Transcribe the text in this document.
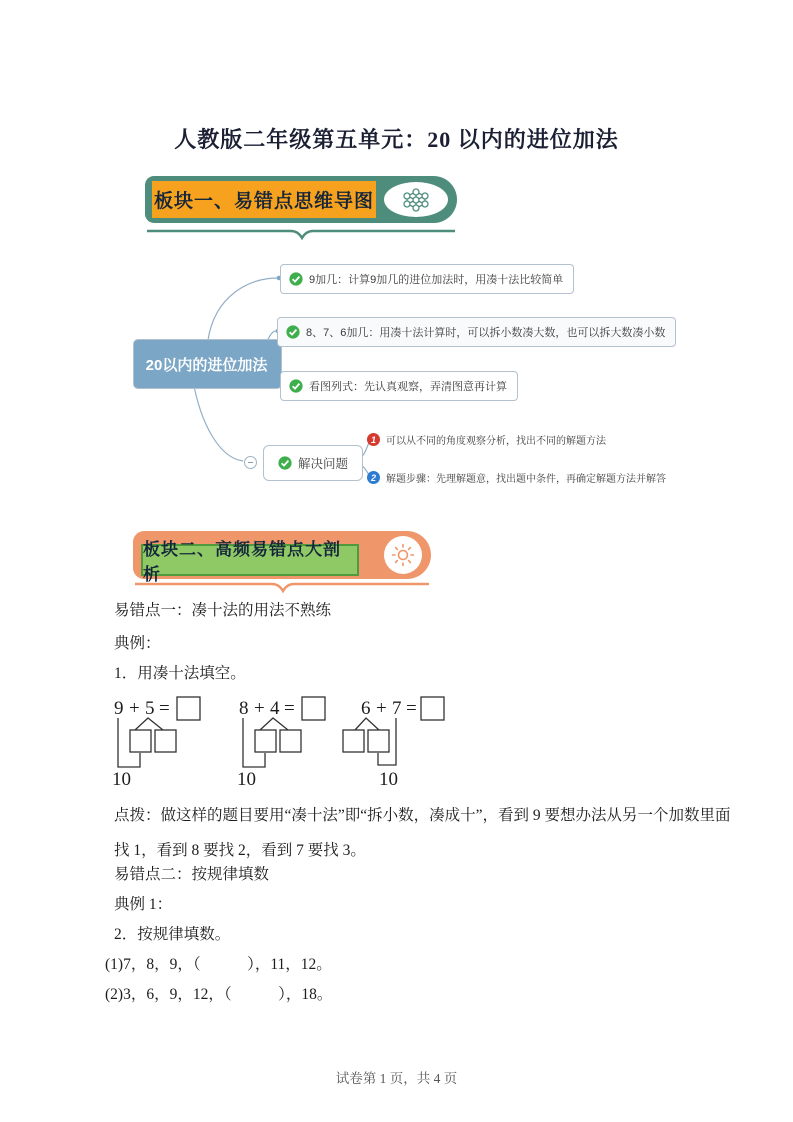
人教版二年级第五单元：20 以内的进位加法
板块一、易错点思维导图
20以内的进位加法
9加几：计算9加几的进位加法时，用凑十法比较简单
8、7、6加几：用凑十法计算时，可以拆小数凑大数，也可以拆大数凑小数
看图列式：先认真观察，弄清图意再计算
解决问题
1	可以从不同的角度观察分析，找出不同的解题方法
2	解题步骤：先理解题意，找出题中条件，再确定解题方法并解答
板块二、高频易错点大剖析
易错点一：凑十法的用法不熟练
典例：
1．用凑十法填空。
9 + 5 =
10
8 + 4 =
10
6 + 7 =
10
点拨：做这样的题目要用“凑十法”即“拆小数，凑成十”，看到 9 要想办法从另一个加数里面
找 1，看到 8 要找 2，看到 7 要找 3。
易错点二：按规律填数
典例 1：
2．按规律填数。
(1)7，8，9，（　　　），11，12。
(2)3，6，9，12，（　　　），18。
试卷第 1 页，共 4 页
